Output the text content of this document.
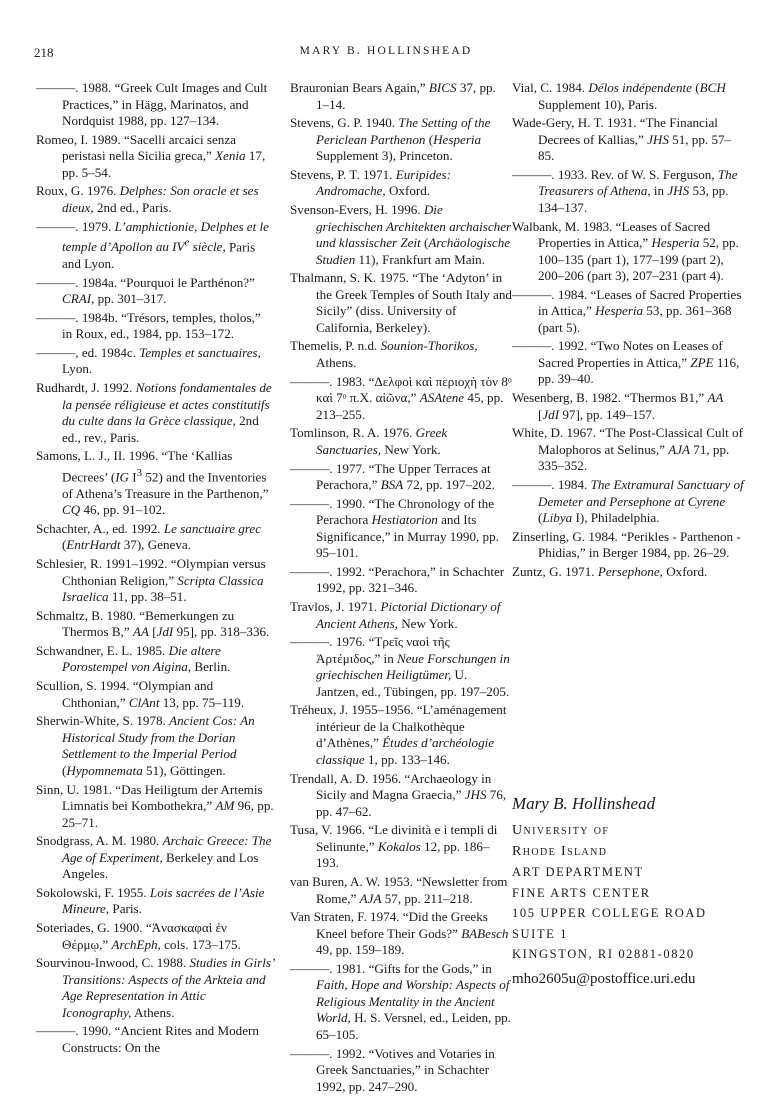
218	MARY B. HOLLINSHEAD

———. 1988. “Greek Cult Images and Cult Practices,” in Hägg, Marinatos, and Nordquist 1988, pp. 127–134.

Romeo, I. 1989. “Sacelli arcaici senza peristasi nella Sicilia greca,” Xenia 17, pp. 5–54.

Roux, G. 1976. Delphes: Son oracle et ses dieux, 2nd ed., Paris.

———. 1979. L’amphictionie, Delphes et le temple d’Apollon au IVe siècle, Paris and Lyon.

———. 1984a. “Pourquoi le Parthénon?” CRAI, pp. 301–317.

———. 1984b. “Trésors, temples, tholos,” in Roux, ed., 1984, pp. 153–172.

———, ed. 1984c. Temples et sanctuaires, Lyon.

Rudhardt, J. 1992. Notions fondamentales de la pensée réligieuse et actes constitutifs du culte dans la Grèce classique, 2nd ed., rev., Paris.

Samons, L. J., II. 1996. “The ‘Kallias Decrees’ (IG $I^3$ 52) and the Inventories of Athena’s Treasure in the Parthenon,” CQ 46, pp. 91–102.

Schachter, A., ed. 1992. Le sanctuaire grec (EntrHardt 37), Geneva.

Schlesier, R. 1991–1992. “Olympian versus Chthonian Religion,” Scripta Classica Israelica 11, pp. 38–51.

Schmaltz, B. 1980. “Bemerkungen zu Thermos B,” AA [JdI 95], pp. 318–336.

Schwandner, E. L. 1985. Die altere Porostempel von Aigina, Berlin.

Scullion, S. 1994. “Olympian and Chthonian,” ClAnt 13, pp. 75–119.

Sherwin-White, S. 1978. Ancient Cos: An Historical Study from the Dorian Settlement to the Imperial Period (Hypomnemata 51), Göttingen.

Sinn, U. 1981. “Das Heiligtum der Artemis Limnatis bei Kombothekra,” AM 96, pp. 25–71.

Snodgrass, A. M. 1980. Archaic Greece: The Age of Experiment, Berkeley and Los Angeles.

Sokolowski, F. 1955. Lois sacrées de l’Asie Mineure, Paris.

Soteriades, G. 1900. “Ἀνασκαφαὶ ἐν Θέρμῳ,” ArchEph, cols. 173–175.

Sourvinou-Inwood, C. 1988. Studies in Girls’ Transitions: Aspects of the Arkteia and Age Representation in Attic Iconography, Athens.

———. 1990. “Ancient Rites and Modern Constructs: On the

Brauronian Bears Again,” BICS 37, pp. 1–14.

Stevens, G. P. 1940. The Setting of the Periclean Parthenon (Hesperia Supplement 3), Princeton.

Stevens, P. T. 1971. Euripides: Andromache, Oxford.

Svenson-Evers, H. 1996. Die griechischen Architekten archaischer und klassischer Zeit (Archäologische Studien 11), Frankfurt am Main.

Thalmann, S. K. 1975. “The ‘Adyton’ in the Greek Temples of South Italy and Sicily” (diss. University of California, Berkeley).

Themelis, P. n.d. Sounion-Thorikos, Athens.

———. 1983. “Δελφοὶ καὶ περιοχὴ τὸν 8ᵒ καὶ 7ᵒ π.Χ. αἰῶνα,” ASAtene 45, pp. 213–255.

Tomlinson, R. A. 1976. Greek Sanctuaries, New York.

———. 1977. “The Upper Terraces at Perachora,” BSA 72, pp. 197–202.

———. 1990. “The Chronology of the Perachora Hestiatorion and Its Significance,” in Murray 1990, pp. 95–101.

———. 1992. “Perachora,” in Schachter 1992, pp. 321–346.

Travlos, J. 1971. Pictorial Dictionary of Ancient Athens, New York.

———. 1976. “Τρεῖς ναοὶ τῆς Ἀρτέμιδος,” in Neue Forschungen in griechischen Heiligtümer, U. Jantzen, ed., Tübingen, pp. 197–205.

Tréheux, J. 1955–1956. “L’aménagement intérieur de la Chalkothèque d’Athènes,” Études d’archéologie classique 1, pp. 133–146.

Trendall, A. D. 1956. “Archaeology in Sicily and Magna Graecia,” JHS 76, pp. 47–62.

Tusa, V. 1966. “Le divinità e i templi di Selinunte,” Kokalos 12, pp. 186–193.

van Buren, A. W. 1953. “Newsletter from Rome,” AJA 57, pp. 211–218.

Van Straten, F. 1974. “Did the Greeks Kneel before Their Gods?” BABesch 49, pp. 159–189.

———. 1981. “Gifts for the Gods,” in Faith, Hope and Worship: Aspects of Religious Mentality in the Ancient World, H. S. Versnel, ed., Leiden, pp. 65–105.

———. 1992. “Votives and Votaries in Greek Sanctuaries,” in Schachter 1992, pp. 247–290.

Vial, C. 1984. Délos indépendente (BCH Supplement 10), Paris.

Wade-Gery, H. T. 1931. “The Financial Decrees of Kallias,” JHS 51, pp. 57–85.

———. 1933. Rev. of W. S. Ferguson, The Treasurers of Athena, in JHS 53, pp. 134–137.

Walbank, M. 1983. “Leases of Sacred Properties in Attica,” Hesperia 52, pp. 100–135 (part 1), 177–199 (part 2), 200–206 (part 3), 207–231 (part 4).

———. 1984. “Leases of Sacred Properties in Attica,” Hesperia 53, pp. 361–368 (part 5).

———. 1992. “Two Notes on Leases of Sacred Properties in Attica,” ZPE 116, pp. 39–40.

Wesenberg, B. 1982. “Thermos B1,” AA [JdI 97], pp. 149–157.

White, D. 1967. “The Post-Classical Cult of Malophoros at Selinus,” AJA 71, pp. 335–352.

———. 1984. The Extramural Sanctuary of Demeter and Persephone at Cyrene (Libya I), Philadelphia.

Zinserling, G. 1984. “Perikles - Parthenon - Phidias,” in Berger 1984, pp. 26–29.

Zuntz, G. 1971. Persephone, Oxford.

Mary B. Hollinshead
University of
Rhode Island
ART DEPARTMENT
FINE ARTS CENTER
105 UPPER COLLEGE ROAD
SUITE 1
KINGSTON, RI 02881-0820
mho2605u@postoffice.uri.edu
